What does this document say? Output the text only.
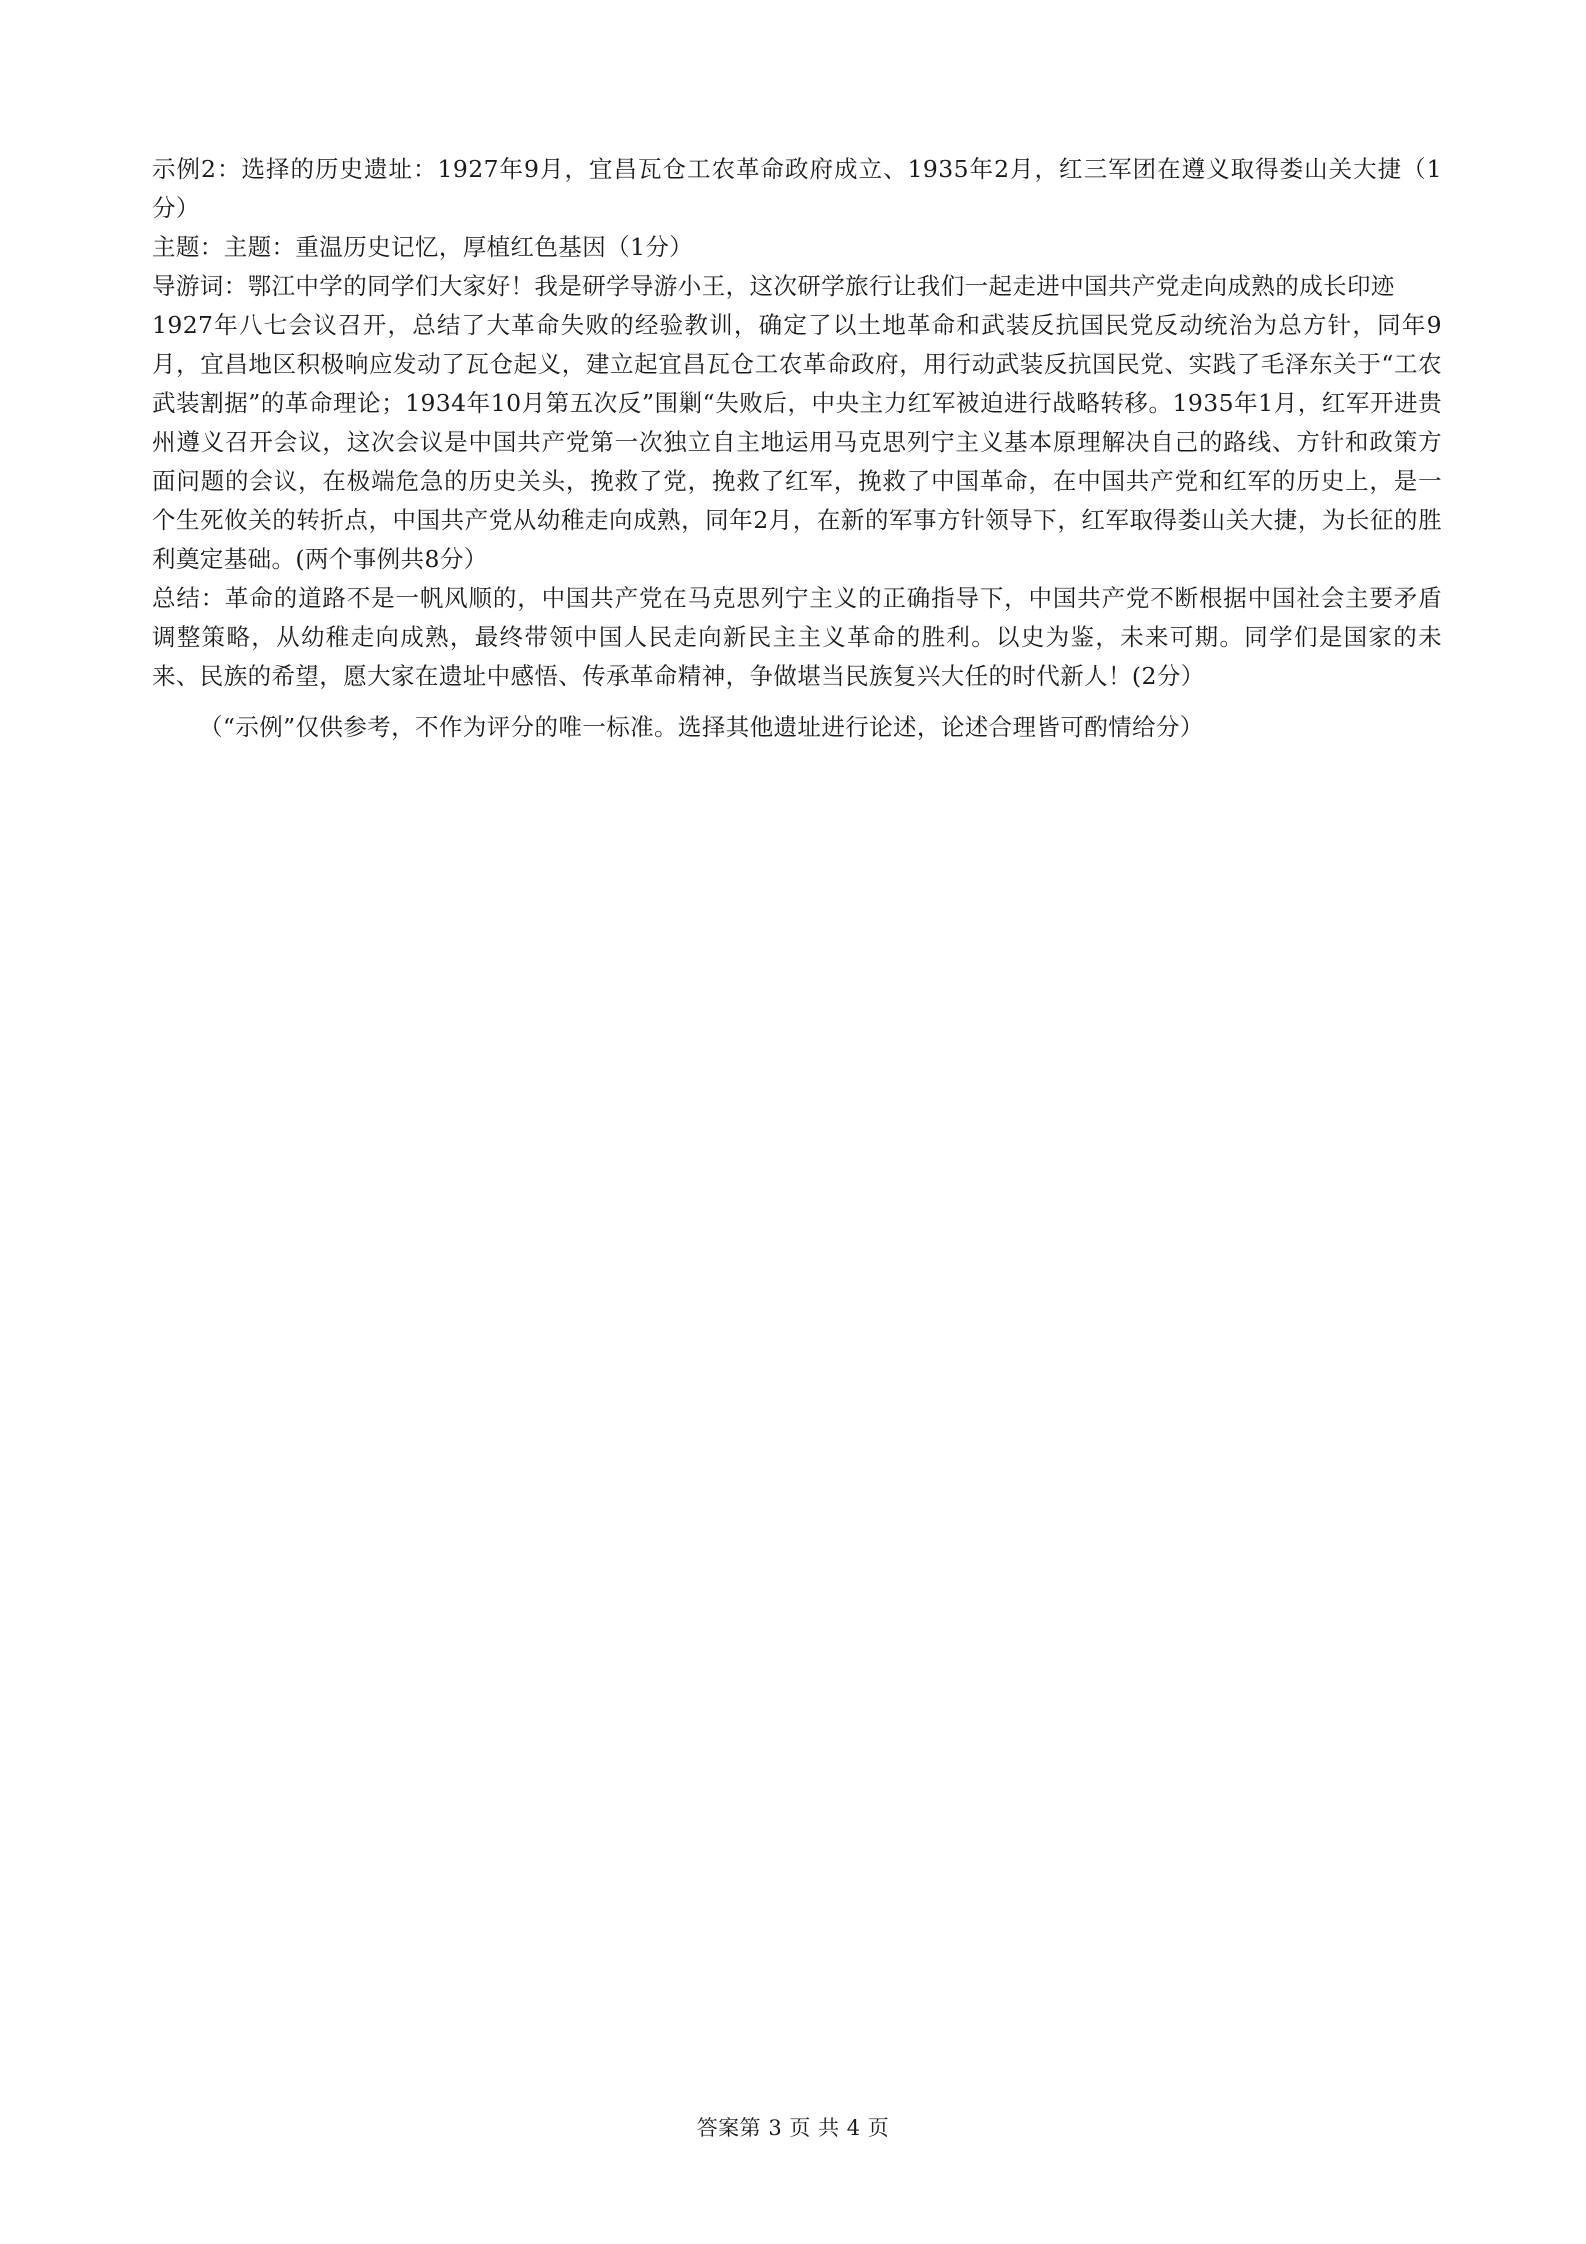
示例2：选择的历史遗址：1927年9月，宜昌瓦仓工农革命政府成立、1935年2月，红三军团在遵义取得娄山关大捷（1分）

主题：主题：重温历史记忆，厚植红色基因（1分）

导游词：鄂江中学的同学们大家好！我是研学导游小王，这次研学旅行让我们一起走进中国共产党走向成熟的成长印迹

1927年八七会议召开，总结了大革命失败的经验教训，确定了以土地革命和武装反抗国民党反动统治为总方针，同年9月，宜昌地区积极响应发动了瓦仓起义，建立起宜昌瓦仓工农革命政府，用行动武装反抗国民党、实践了毛泽东关于“工农武装割据”的革命理论；1934年10月第五次反”围剿“失败后，中央主力红军被迫进行战略转移。1935年1月，红军开进贵州遵义召开会议，这次会议是中国共产党第一次独立自主地运用马克思列宁主义基本原理解决自己的路线、方针和政策方面问题的会议，在极端危急的历史关头，挽救了党，挽救了红军，挽救了中国革命，在中国共产党和红军的历史上，是一个生死攸关的转折点，中国共产党从幼稚走向成熟，同年2月，在新的军事方针领导下，红军取得娄山关大捷，为长征的胜利奠定基础。(两个事例共8分）

总结：革命的道路不是一帆风顺的，中国共产党在马克思列宁主义的正确指导下，中国共产党不断根据中国社会主要矛盾调整策略，从幼稚走向成熟，最终带领中国人民走向新民主主义革命的胜利。以史为鉴，未来可期。同学们是国家的未来、民族的希望，愿大家在遗址中感悟、传承革命精神，争做堪当民族复兴大任的时代新人！(2分）

（“示例”仅供参考，不作为评分的唯一标准。选择其他遗址进行论述，论述合理皆可酌情给分）

答案第 3 页 共 4 页
